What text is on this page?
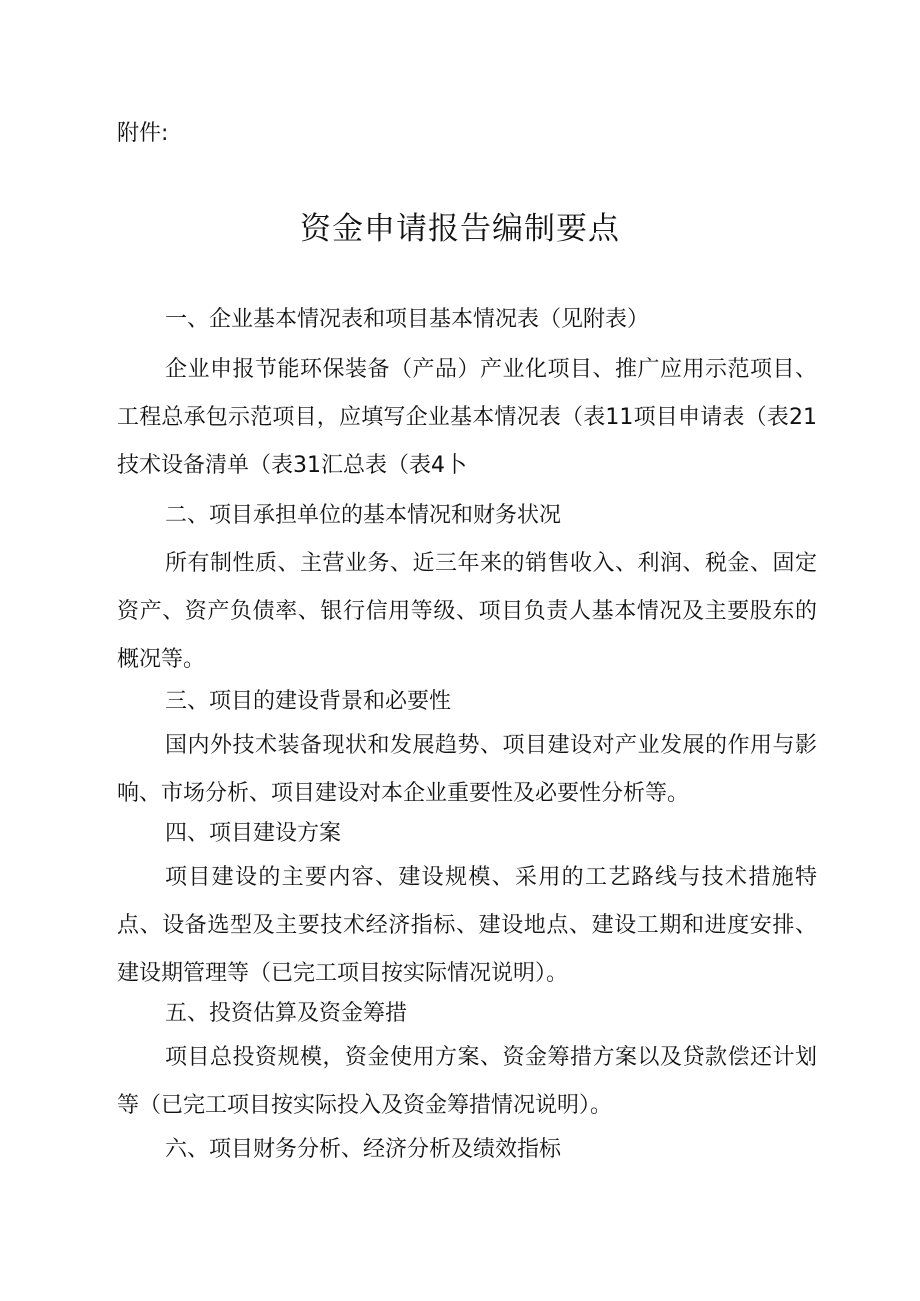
附件:
资金申请报告编制要点
一、企业基本情况表和项目基本情况表（见附表）
企业申报节能环保装备（产品）产业化项目、推广应用示范项目、工程总承包示范项目，应填写企业基本情况表（表11项目申请表（表21技术设备清单（表31汇总表（表4卜
二、项目承担单位的基本情况和财务状况
所有制性质、主营业务、近三年来的销售收入、利润、税金、固定资产、资产负债率、银行信用等级、项目负责人基本情况及主要股东的概况等。
三、项目的建设背景和必要性
国内外技术装备现状和发展趋势、项目建设对产业发展的作用与影响、市场分析、项目建设对本企业重要性及必要性分析等。
四、项目建设方案
项目建设的主要内容、建设规模、采用的工艺路线与技术措施特点、设备选型及主要技术经济指标、建设地点、建设工期和进度安排、建设期管理等（已完工项目按实际情况说明）。
五、投资估算及资金筹措
项目总投资规模，资金使用方案、资金筹措方案以及贷款偿还计划等（已完工项目按实际投入及资金筹措情况说明）。
六、项目财务分析、经济分析及绩效指标
